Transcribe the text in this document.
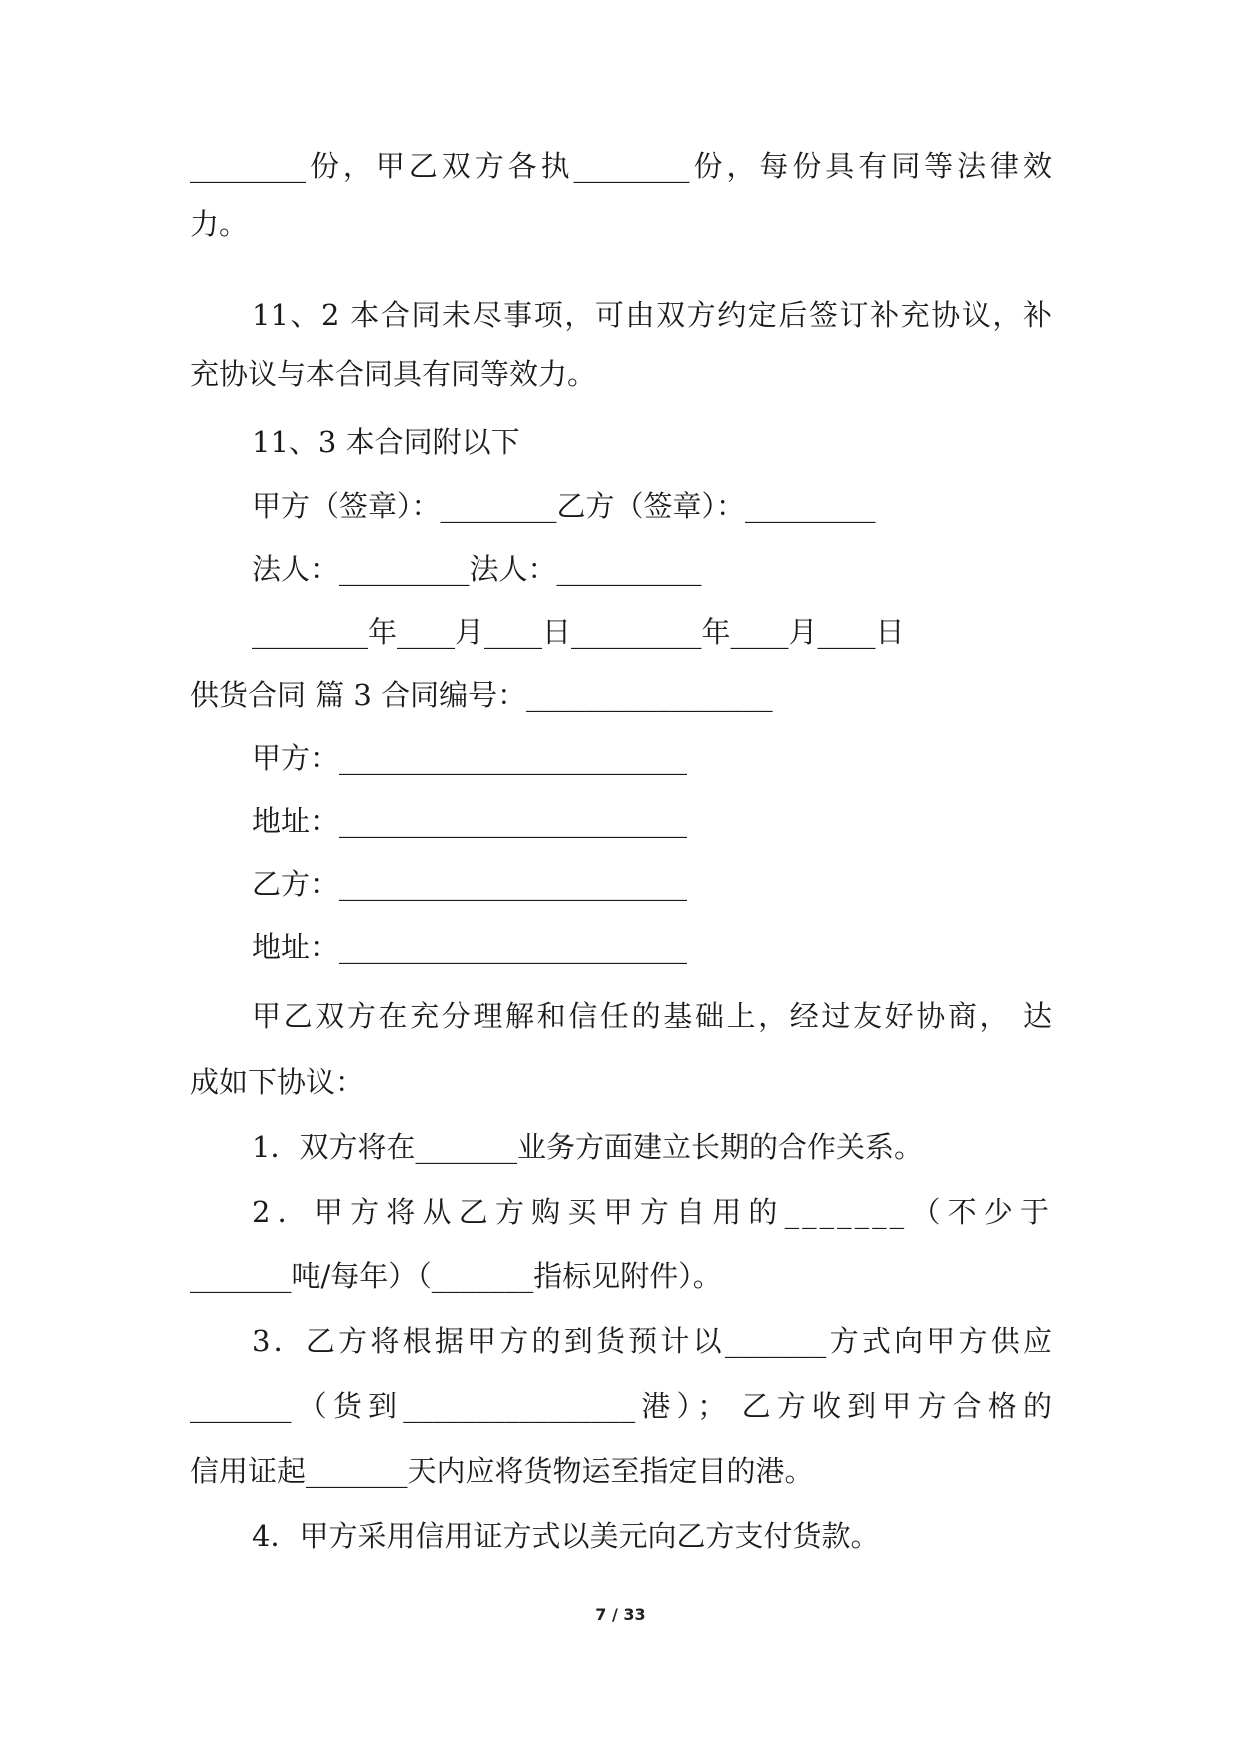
________份，甲乙双方各执________份，每份具有同等法律效
力。
11、2 本合同未尽事项，可由双方约定后签订补充协议，补
充协议与本合同具有同等效力。
11、3 本合同附以下
甲方（签章）：________乙方（签章）：_________
法人：_________法人：__________
________年____月____日_________年____月____日
供货合同 篇 3 合同编号：_________________
甲方：________________________
地址：________________________
乙方：________________________
地址：________________________
甲乙双方在充分理解和信任的基础上，经过友好协商， 达
成如下协议：
1．双方将在_______业务方面建立长期的合作关系。
2．甲方将从乙方购买甲方自用的_______（不少于
_______吨/每年）（_______指标见附件）。
3．乙方将根据甲方的到货预计以_______方式向甲方供应
_______（货到________________港）； 乙方收到甲方合格的
信用证起_______天内应将货物运至指定目的港。
4．甲方采用信用证方式以美元向乙方支付货款。
7 / 33
